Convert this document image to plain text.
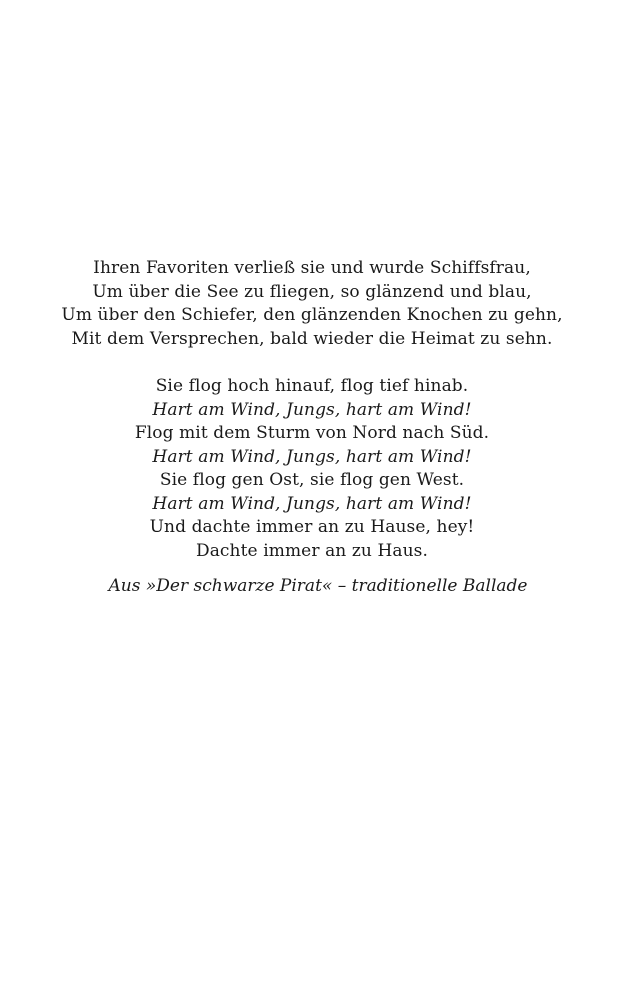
Ihren Favoriten verließ sie und wurde Schiffsfrau,
Um über die See zu fliegen, so glänzend und blau,
Um über den Schiefer, den glänzenden Knochen zu gehn,
Mit dem Versprechen, bald wieder die Heimat zu sehn.
Sie flog hoch hinauf, flog tief hinab.
Hart am Wind, Jungs, hart am Wind!
Flog mit dem Sturm von Nord nach Süd.
Hart am Wind, Jungs, hart am Wind!
Sie flog gen Ost, sie flog gen West.
Hart am Wind, Jungs, hart am Wind!
Und dachte immer an zu Hause, hey!
Dachte immer an zu Haus.
Aus »Der schwarze Pirat« – traditionelle Ballade
